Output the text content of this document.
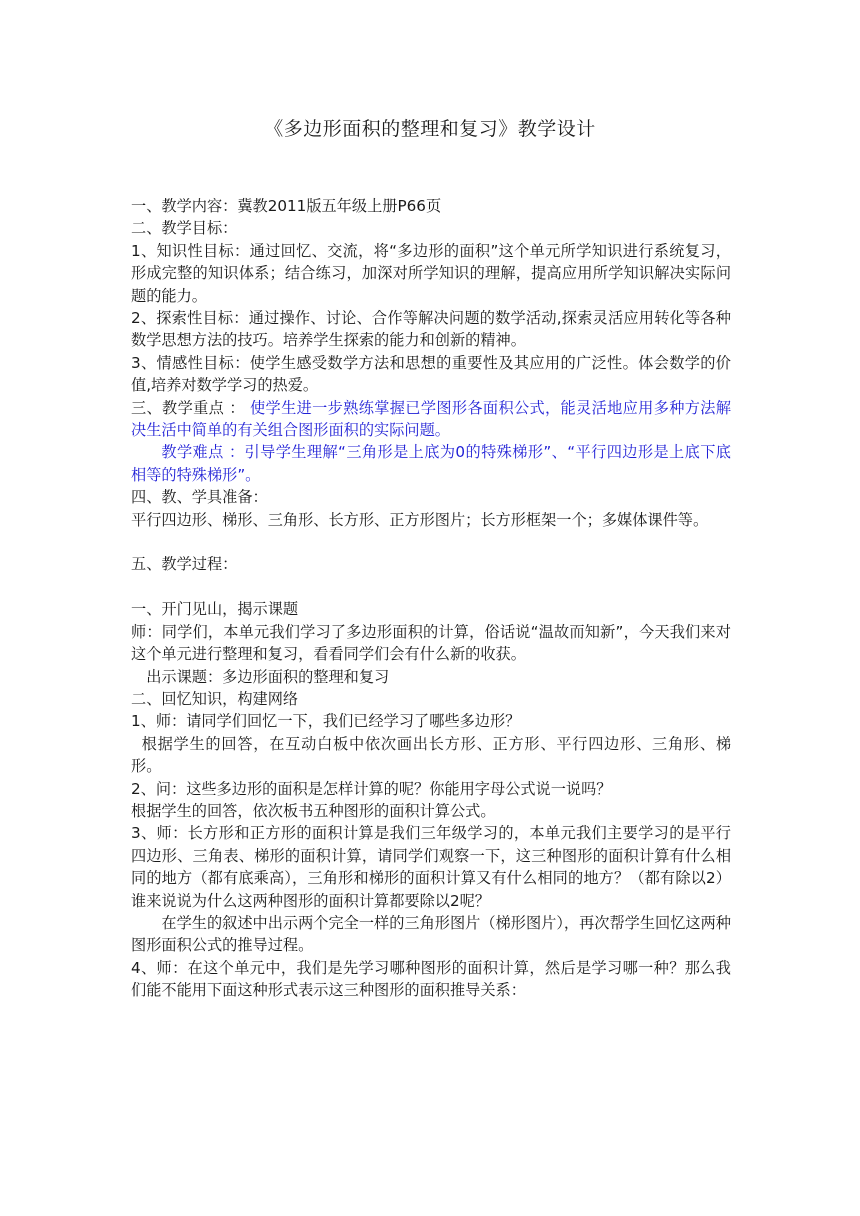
《多边形面积的整理和复习》教学设计

一、教学内容：冀教2011版五年级上册P66页

二、教学目标：

1、知识性目标：通过回忆、交流，将“多边形的面积”这个单元所学知识进行系统复习，形成完整的知识体系；结合练习，加深对所学知识的理解，提高应用所学知识解决实际问题的能力。

2、探索性目标：通过操作、讨论、合作等解决问题的数学活动,探索灵活应用转化等各种数学思想方法的技巧。培养学生探索的能力和创新的精神。

3、情感性目标：使学生感受数学方法和思想的重要性及其应用的广泛性。体会数学的价值,培养对数学学习的热爱。

三、教学重点 ： 使学生进一步熟练掌握已学图形各面积公式，能灵活地应用多种方法解决生活中简单的有关组合图形面积的实际问题。

教学难点 ：引导学生理解“三角形是上底为0的特殊梯形”、“平行四边形是上底下底相等的特殊梯形”。

四、教、学具准备：

平行四边形、梯形、三角形、长方形、正方形图片；长方形框架一个；多媒体课件等。

五、教学过程：

一、开门见山，揭示课题

师：同学们，本单元我们学习了多边形面积的计算，俗话说“温故而知新”，今天我们来对这个单元进行整理和复习，看看同学们会有什么新的收获。

出示课题：多边形面积的整理和复习

二、回忆知识，构建网络

1、师：请同学们回忆一下，我们已经学习了哪些多边形？

根据学生的回答，在互动白板中依次画出长方形、正方形、平行四边形、三角形、梯形。

2、问：这些多边形的面积是怎样计算的呢？你能用字母公式说一说吗？

根据学生的回答，依次板书五种图形的面积计算公式。

3、师：长方形和正方形的面积计算是我们三年级学习的，本单元我们主要学习的是平行四边形、三角表、梯形的面积计算，请同学们观察一下，这三种图形的面积计算有什么相同的地方（都有底乘高），三角形和梯形的面积计算又有什么相同的地方？（都有除以2）谁来说说为什么这两种图形的面积计算都要除以2呢？

在学生的叙述中出示两个完全一样的三角形图片（梯形图片），再次帮学生回忆这两种图形面积公式的推导过程。

4、师：在这个单元中，我们是先学习哪种图形的面积计算，然后是学习哪一种？那么我们能不能用下面这种形式表示这三种图形的面积推导关系：
